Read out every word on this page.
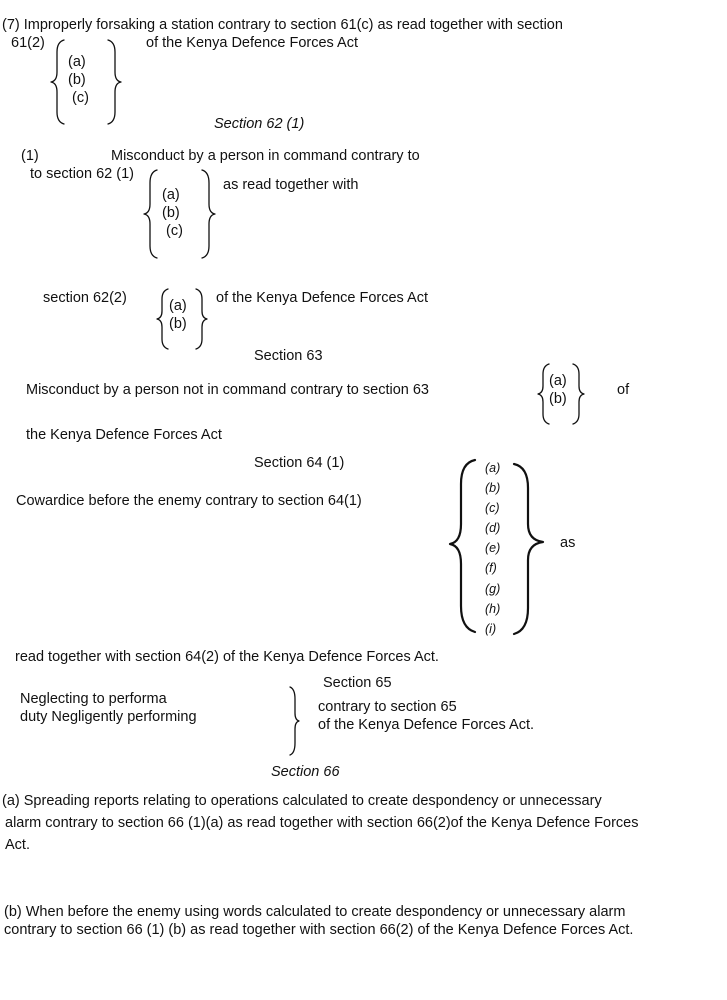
(7) Improperly forsaking a station contrary to section 61(c) as read together with section
61(2)
(a)
(b)
(c)
of the Kenya Defence Forces Act
Section 62 (1)
(1)	Misconduct by a person in command contrary to
to section 62 (1)
(a)
(b)
(c)
as read together with
section 62(2)	(a)
(b)
of the Kenya Defence Forces Act
Section 63
Misconduct by a person not in command contrary to section 63
(a)
(b)
of
the Kenya Defence Forces Act
Section 64 (1)
Cowardice before the enemy contrary to section 64(1)
(a)
(b)
(c)
(d)
(e)
(f)
(g)
(h)
(i)
as
read together with section 64(2) of the Kenya Defence Forces Act.
Section 65
Neglecting to performa
duty Negligently performing
contrary to section 65
of the Kenya Defence Forces Act.
Section 66
(a) Spreading reports relating to operations calculated to create despondency or unnecessary
alarm contrary to section 66 (1)(a) as read together with section 66(2)of the Kenya Defence Forces
Act.
(b) When before the enemy using words calculated to create despondency or unnecessary alarm
contrary to section 66 (1) (b) as read together with section 66(2) of the Kenya Defence Forces Act.
